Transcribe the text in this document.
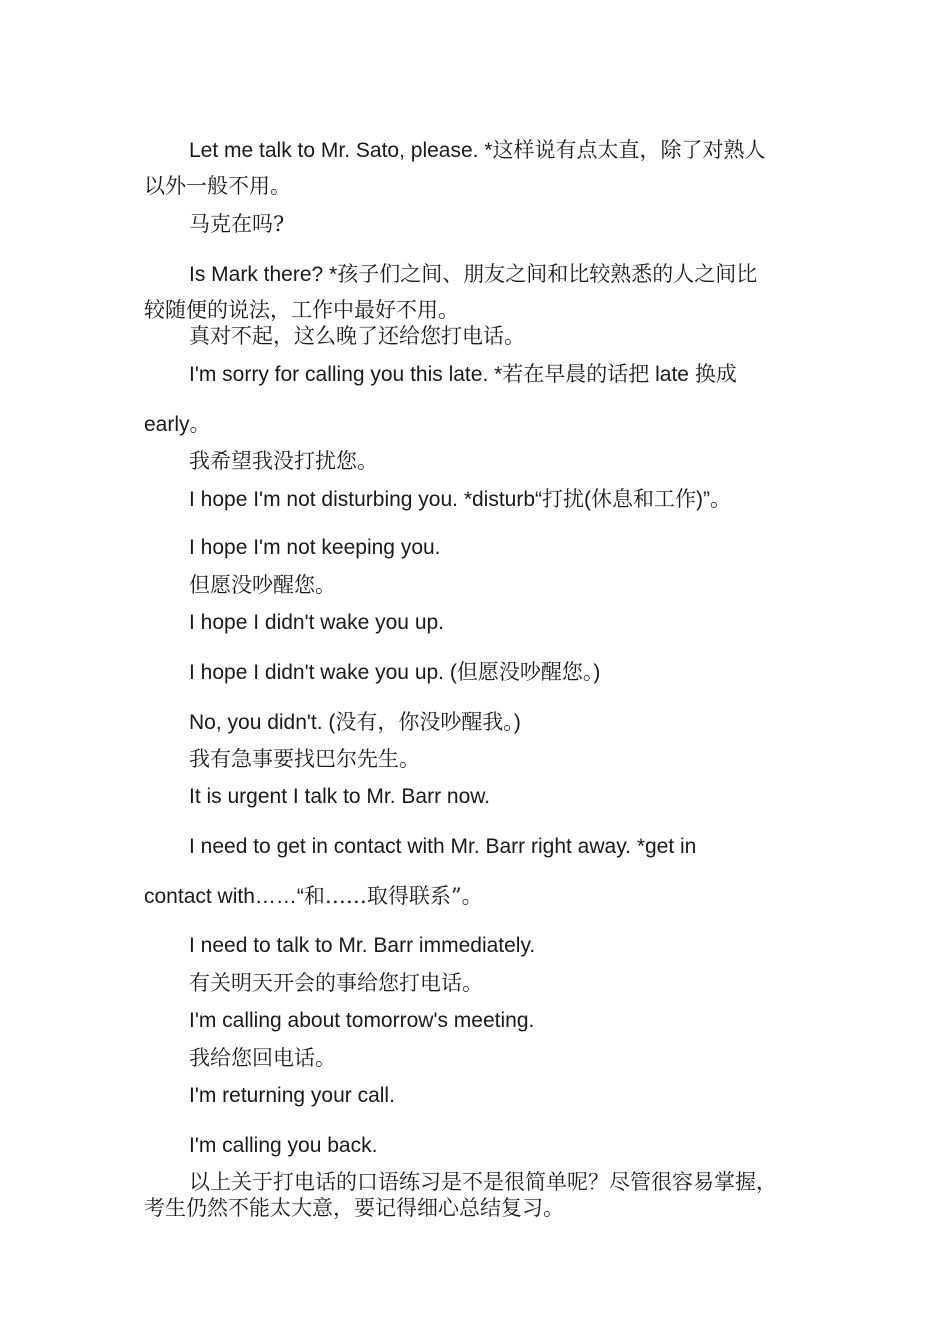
Let me talk to Mr. Sato, please. *这样说有点太直，除了对熟人
以外一般不用。
马克在吗?
Is Mark there? *孩子们之间、朋友之间和比较熟悉的人之间比
较随便的说法，工作中最好不用。
真对不起，这么晚了还给您打电话。
I'm sorry for calling you this late. *若在早晨的话把 late 换成
early。
我希望我没打扰您。
I hope I'm not disturbing you. *disturb“打扰(休息和工作)”。
I hope I'm not keeping you.
但愿没吵醒您。
I hope I didn't wake you up.
I hope I didn't wake you up. (但愿没吵醒您。)
No, you didn't. (没有，你没吵醒我。)
我有急事要找巴尔先生。
It is urgent I talk to Mr. Barr now.
I need to get in contact with Mr. Barr right away. *get in
contact with……“和……取得联系”。
I need to talk to Mr. Barr immediately.
有关明天开会的事给您打电话。
I'm calling about tomorrow's meeting.
我给您回电话。
I'm returning your call.
I'm calling you back.
以上关于打电话的口语练习是不是很简单呢？尽管很容易掌握，
考生仍然不能太大意，要记得细心总结复习。
